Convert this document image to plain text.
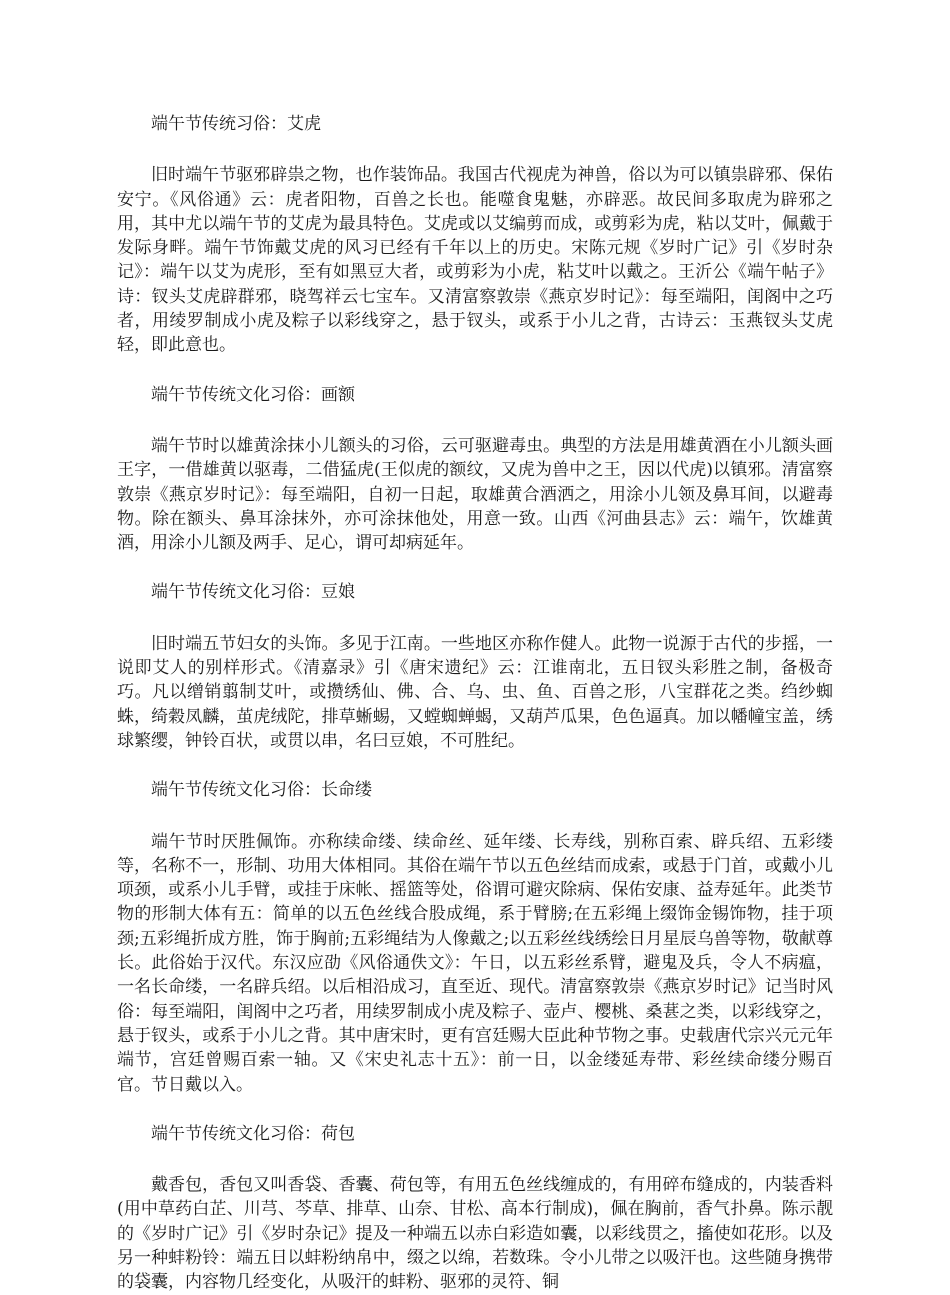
端午节传统习俗：艾虎

旧时端午节驱邪辟祟之物，也作装饰品。我国古代视虎为神兽，俗以为可以镇祟辟邪、保佑安宁。《风俗通》云：虎者阳物，百兽之长也。能噬食鬼魅，亦辟恶。故民间多取虎为辟邪之用，其中尤以端午节的艾虎为最具特色。艾虎或以艾编剪而成，或剪彩为虎，粘以艾叶，佩戴于发际身畔。端午节饰戴艾虎的风习已经有千年以上的历史。宋陈元规《岁时广记》引《岁时杂记》：端午以艾为虎形，至有如黑豆大者，或剪彩为小虎，粘艾叶以戴之。王沂公《端午帖子》诗：钗头艾虎辟群邪，晓驾祥云七宝车。又清富察敦崇《燕京岁时记》：每至端阳，闺阁中之巧者，用绫罗制成小虎及粽子以彩线穿之，悬于钗头，或系于小儿之背，古诗云：玉燕钗头艾虎轻，即此意也。

端午节传统文化习俗：画额

端午节时以雄黄涂抹小儿额头的习俗，云可驱避毒虫。典型的方法是用雄黄酒在小儿额头画王字，一借雄黄以驱毒，二借猛虎(王似虎的额纹，又虎为兽中之王，因以代虎)以镇邪。清富察敦崇《燕京岁时记》：每至端阳，自初一日起，取雄黄合酒洒之，用涂小儿领及鼻耳间，以避毒物。除在额头、鼻耳涂抹外，亦可涂抹他处，用意一致。山西《河曲县志》云：端午，饮雄黄酒，用涂小儿额及两手、足心，谓可却病延年。

端午节传统文化习俗：豆娘

旧时端五节妇女的头饰。多见于江南。一些地区亦称作健人。此物一说源于古代的步摇，一说即艾人的别样形式。《清嘉录》引《唐宋遗纪》云：江谁南北，五日钗头彩胜之制，备极奇巧。凡以缯销翦制艾叶，或攒绣仙、佛、合、乌、虫、鱼、百兽之形，八宝群花之类。绉纱蜘蛛，绮穀凤麟，茧虎绒陀，排草蜥蜴，又螳蜘蝉蝎，又葫芦瓜果，色色逼真。加以幡幢宝盖，绣球繁缨，钟铃百状，或贯以串，名曰豆娘，不可胜纪。

端午节传统文化习俗：长命缕

端午节时厌胜佩饰。亦称续命缕、续命丝、延年缕、长寿线，别称百索、辟兵绍、五彩缕等，名称不一，形制、功用大体相同。其俗在端午节以五色丝结而成索，或悬于门首，或戴小儿项颈，或系小儿手臂，或挂于床帐、摇篮等处，俗谓可避灾除病、保佑安康、益寿延年。此类节物的形制大体有五：简单的以五色丝线合股成绳，系于臂膀;在五彩绳上缀饰金锡饰物，挂于项颈;五彩绳折成方胜，饰于胸前;五彩绳结为人像戴之;以五彩丝线绣绘日月星辰乌兽等物，敬献尊长。此俗始于汉代。东汉应劭《风俗通佚文》：午日，以五彩丝系臂，避鬼及兵，令人不病瘟，一名长命缕，一名辟兵绍。以后相沿成习，直至近、现代。清富察敦崇《燕京岁时记》记当时风俗：每至端阳，闺阁中之巧者，用续罗制成小虎及粽子、壶卢、樱桃、桑葚之类，以彩线穿之，悬于钗头，或系于小儿之背。其中唐宋时，更有宫廷赐大臣此种节物之事。史载唐代宗兴元元年端节，宫廷曾赐百索一轴。又《宋史礼志十五》：前一日，以金缕延寿带、彩丝续命缕分赐百官。节日戴以入。

端午节传统文化习俗：荷包

戴香包，香包又叫香袋、香囊、荷包等，有用五色丝线缠成的，有用碎布缝成的，内装香料(用中草药白芷、川芎、芩草、排草、山奈、甘松、高本行制成)，佩在胸前，香气扑鼻。陈示靓的《岁时广记》引《岁时杂记》提及一种端五以赤白彩造如囊，以彩线贯之，搐使如花形。以及另一种蚌粉铃：端五日以蚌粉纳帛中，缀之以绵，若数珠。令小儿带之以吸汗也。这些随身携带的袋囊，内容物几经变化，从吸汗的蚌粉、驱邪的灵符、铜
